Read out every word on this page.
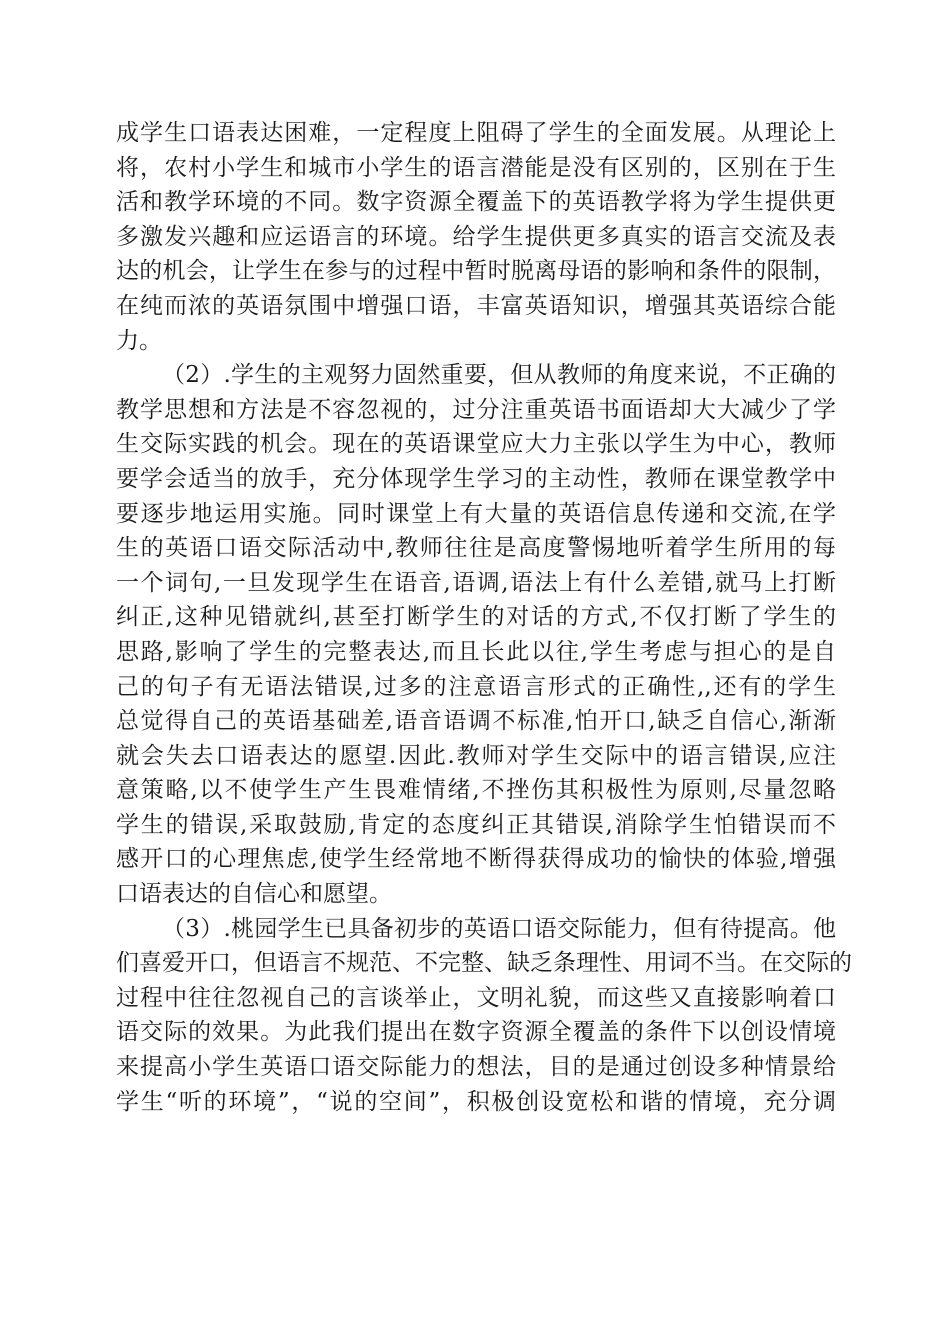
成学生口语表达困难，一定程度上阻碍了学生的全面发展。从理论上
将，农村小学生和城市小学生的语言潜能是没有区别的，区别在于生
活和教学环境的不同。数字资源全覆盖下的英语教学将为学生提供更
多激发兴趣和应运语言的环境。给学生提供更多真实的语言交流及表
达的机会，让学生在参与的过程中暂时脱离母语的影响和条件的限制，
在纯而浓的英语氛围中增强口语，丰富英语知识，增强其英语综合能
力。
（2）.学生的主观努力固然重要，但从教师的角度来说，不正确的
教学思想和方法是不容忽视的，过分注重英语书面语却大大减少了学
生交际实践的机会。现在的英语课堂应大力主张以学生为中心，教师
要学会适当的放手，充分体现学生学习的主动性，教师在课堂教学中
要逐步地运用实施。同时课堂上有大量的英语信息传递和交流,在学
生的英语口语交际活动中,教师往往是高度警惕地听着学生所用的每
一个词句,一旦发现学生在语音,语调,语法上有什么差错,就马上打断
纠正,这种见错就纠,甚至打断学生的对话的方式,不仅打断了学生的
思路,影响了学生的完整表达,而且长此以往,学生考虑与担心的是自
己的句子有无语法错误,过多的注意语言形式的正确性,,还有的学生
总觉得自己的英语基础差,语音语调不标准,怕开口,缺乏自信心,渐渐
就会失去口语表达的愿望.因此.教师对学生交际中的语言错误,应注
意策略,以不使学生产生畏难情绪,不挫伤其积极性为原则,尽量忽略
学生的错误,采取鼓励,肯定的态度纠正其错误,消除学生怕错误而不
感开口的心理焦虑,使学生经常地不断得获得成功的愉快的体验,增强
口语表达的自信心和愿望。
（3）.桃园学生已具备初步的英语口语交际能力，但有待提高。他
们喜爱开口，但语言不规范、不完整、缺乏条理性、用词不当。在交际的
过程中往往忽视自己的言谈举止，文明礼貌，而这些又直接影响着口
语交际的效果。为此我们提出在数字资源全覆盖的条件下以创设情境
来提高小学生英语口语交际能力的想法，目的是通过创设多种情景给
学生“听的环境”，“说的空间”，积极创设宽松和谐的情境，充分调
